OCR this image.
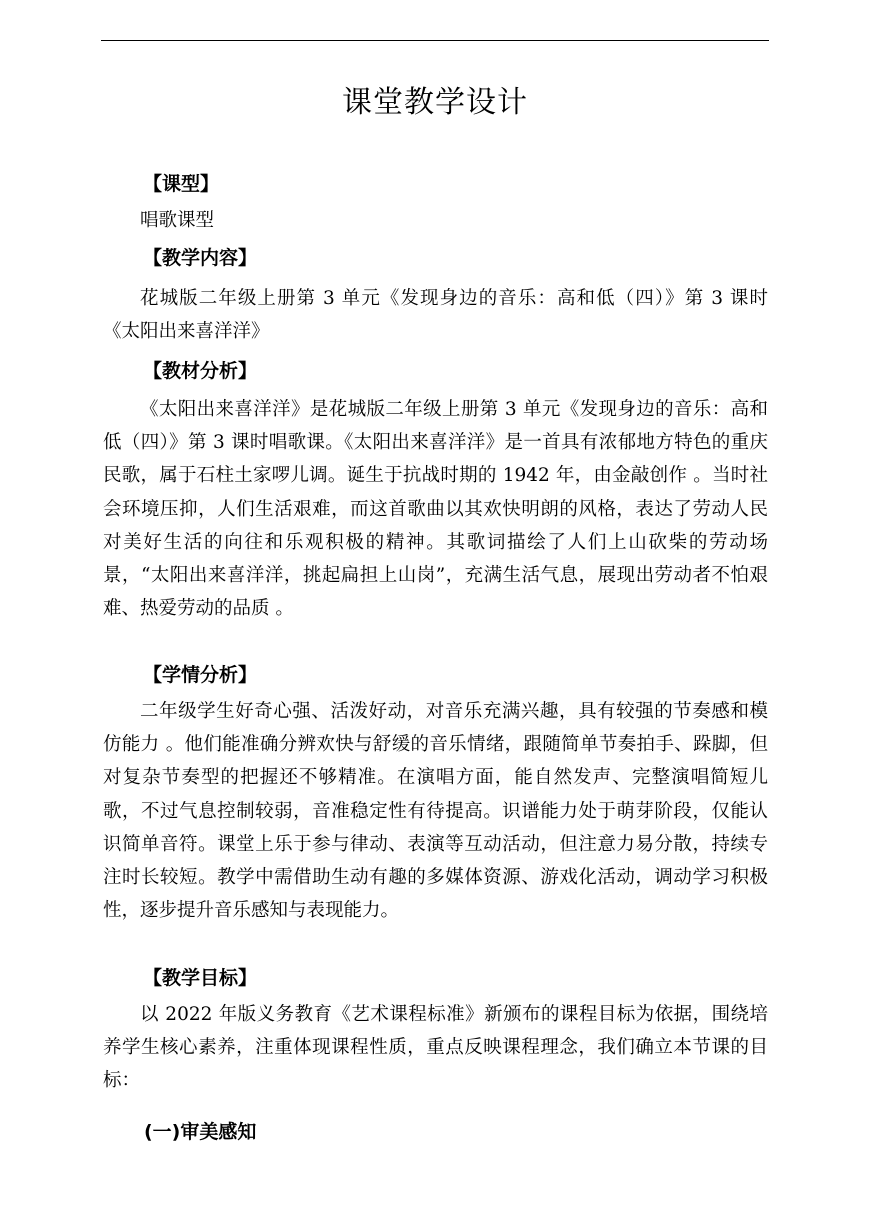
课堂教学设计
【课型】

唱歌课型

【教学内容】

花城版二年级上册第 3 单元《发现身边的音乐：高和低（四）》第 3 课时《太阳出来喜洋洋》

【教材分析】

《太阳出来喜洋洋》是花城版二年级上册第 3 单元《发现身边的音乐：高和低（四）》第 3 课时唱歌课。《太阳出来喜洋洋》是一首具有浓郁地方特色的重庆民歌，属于石柱土家啰儿调。诞生于抗战时期的 1942 年，由金敲创作 。当时社会环境压抑，人们生活艰难，而这首歌曲以其欢快明朗的风格，表达了劳动人民对美好生活的向往和乐观积极的精神。其歌词描绘了人们上山砍柴的劳动场景，“太阳出来喜洋洋，挑起扁担上山岗”，充满生活气息，展现出劳动者不怕艰难、热爱劳动的品质 。

【学情分析】

二年级学生好奇心强、活泼好动，对音乐充满兴趣，具有较强的节奏感和模仿能力 。他们能准确分辨欢快与舒缓的音乐情绪，跟随简单节奏拍手、跺脚，但对复杂节奏型的把握还不够精准。在演唱方面，能自然发声、完整演唱简短儿歌，不过气息控制较弱，音准稳定性有待提高。识谱能力处于萌芽阶段，仅能认识简单音符。课堂上乐于参与律动、表演等互动活动，但注意力易分散，持续专注时长较短。教学中需借助生动有趣的多媒体资源、游戏化活动，调动学习积极性，逐步提升音乐感知与表现能力。

【教学目标】

以 2022 年版义务教育《艺术课程标准》新颁布的课程目标为依据，围绕培养学生核心素养，注重体现课程性质，重点反映课程理念，我们确立本节课的目标：

(一)审美感知
